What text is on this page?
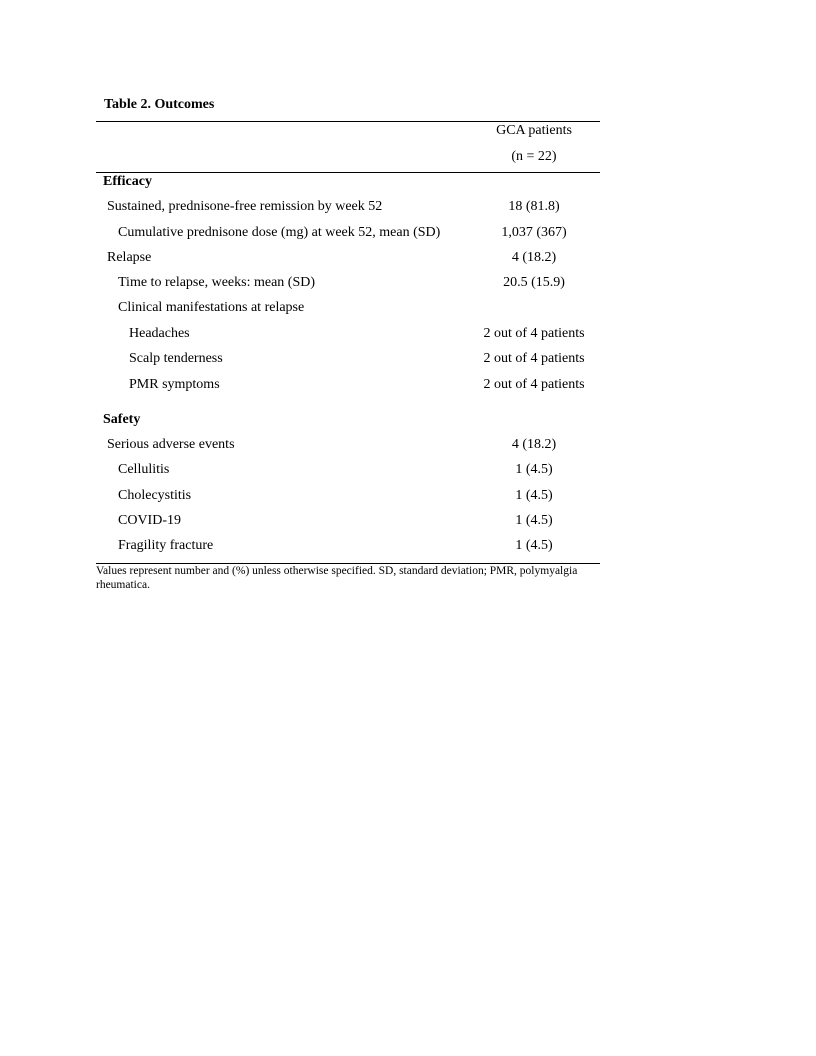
Table 2. Outcomes
GCA patients
(n = 22)
Efficacy
Sustained, prednisone-free remission by week 52	18 (81.8)
Cumulative prednisone dose (mg) at week 52, mean (SD)	1,037 (367)
Relapse	4 (18.2)
Time to relapse, weeks: mean (SD)	20.5 (15.9)
Clinical manifestations at relapse
Headaches	2 out of 4 patients
Scalp tenderness	2 out of 4 patients
PMR symptoms	2 out of 4 patients
Safety
Serious adverse events	4 (18.2)
Cellulitis	1 (4.5)
Cholecystitis	1 (4.5)
COVID-19	1 (4.5)
Fragility fracture	1 (4.5)
Values represent number and (%) unless otherwise specified. SD, standard deviation; PMR, polymyalgia rheumatica.
